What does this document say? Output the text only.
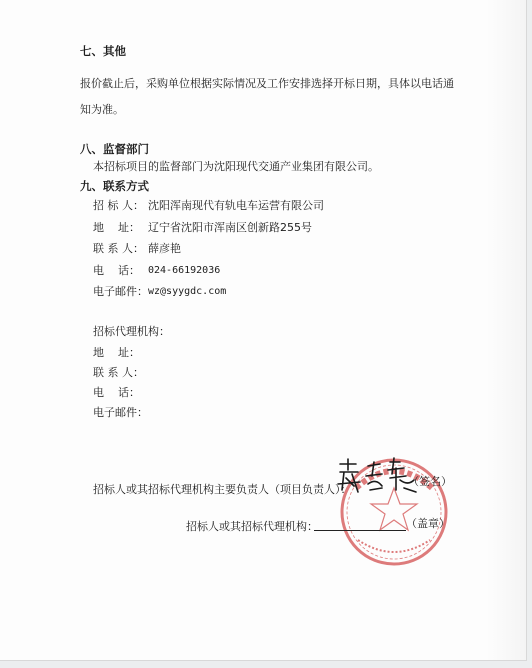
七、其他
报价截止后，采购单位根据实际情况及工作安排选择开标日期，具体以电话通
知为准。
八、监督部门
本招标项目的监督部门为沈阳现代交通产业集团有限公司。
九、联系方式
招 标 人： 沈阳浑南现代有轨电车运营有限公司
地    址： 辽宁省沈阳市浑南区创新路255号
联 系 人： 薛彦艳
电    话： 024-66192036
电子邮件： wz@syygdc.com
招标代理机构：
地    址：
联 系 人：
电    话：
电子邮件：
招标人或其招标代理机构主要负责人（项目负责人）：
（签名）
招标人或其招标代理机构：	（盖章）
